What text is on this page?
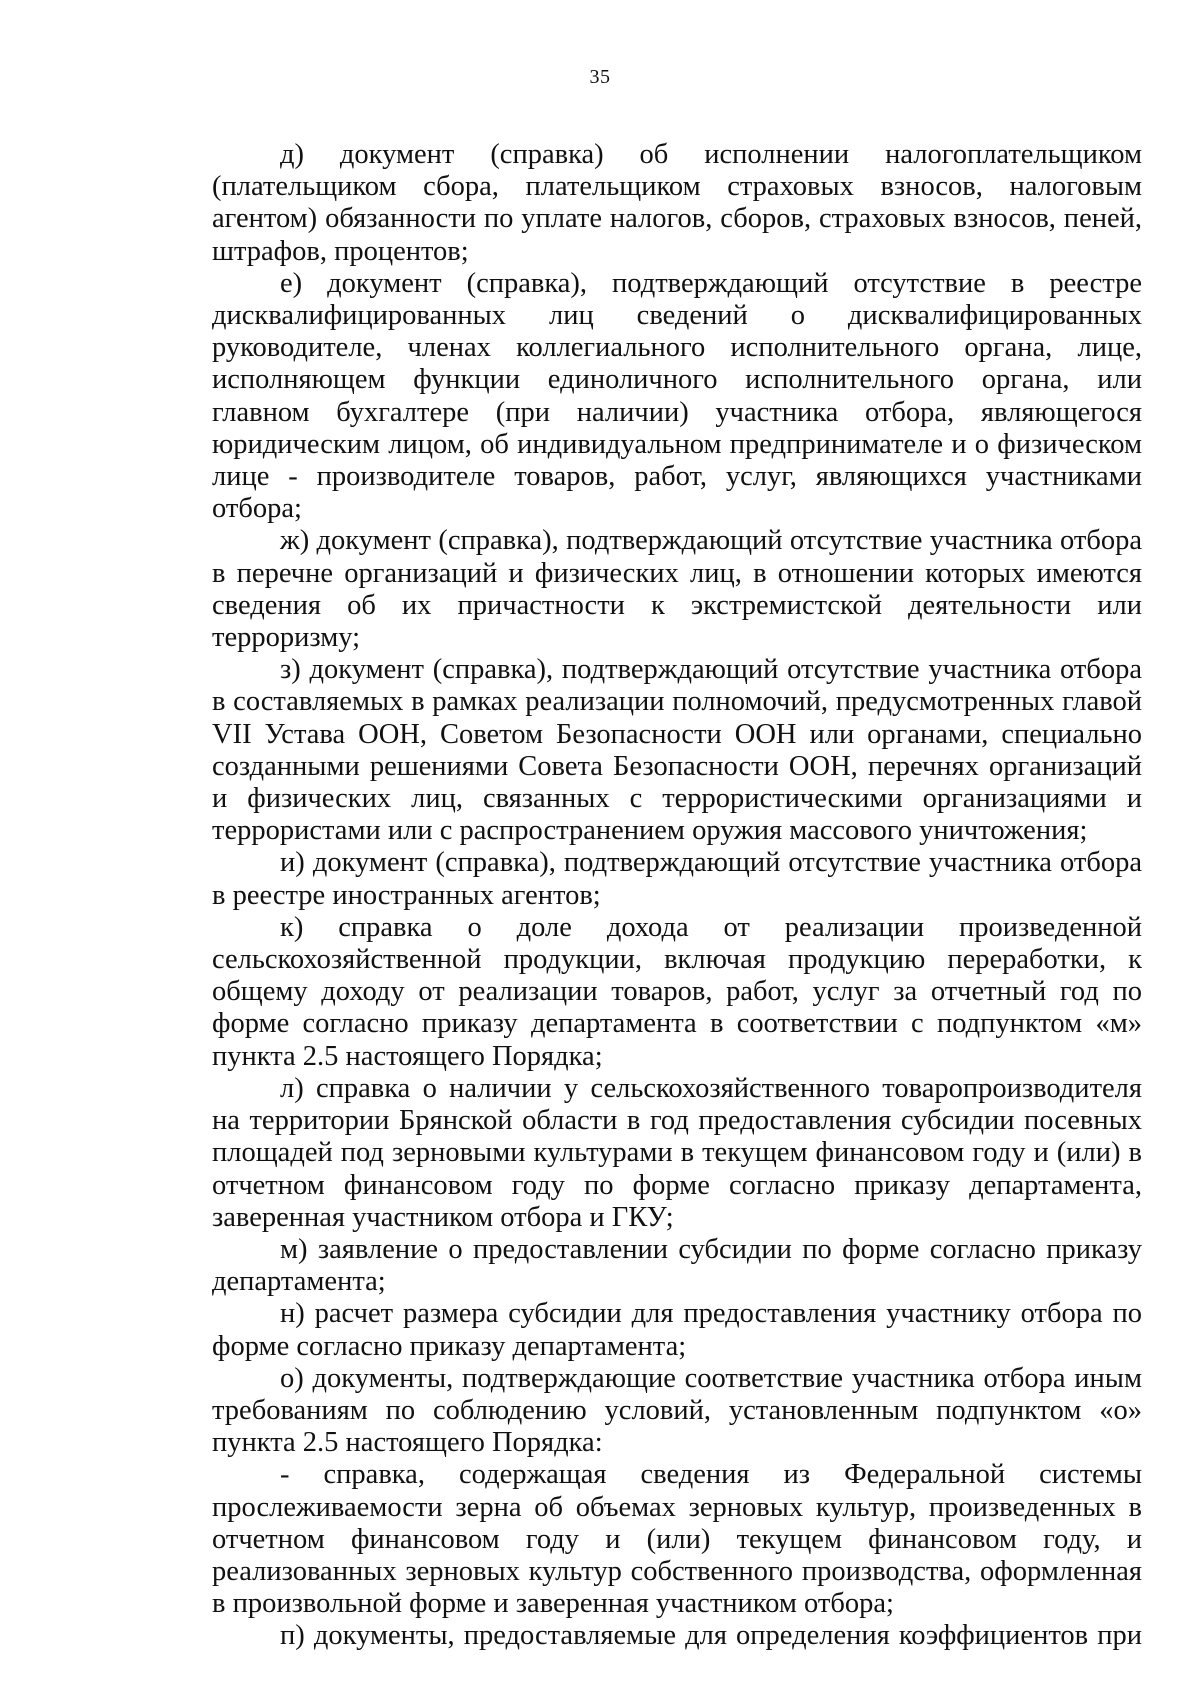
35

д) документ (справка) об исполнении налогоплательщиком (плательщиком сбора, плательщиком страховых взносов, налоговым агентом) обязанности по уплате налогов, сборов, страховых взносов, пеней, штрафов, процентов;

е) документ (справка), подтверждающий отсутствие в реестре дисквалифицированных лиц сведений о дисквалифицированных руководителе, членах коллегиального исполнительного органа, лице, исполняющем функции единоличного исполнительного органа, или главном бухгалтере (при наличии) участника отбора, являющегося юридическим лицом, об индивидуальном предпринимателе и о физическом лице - производителе товаров, работ, услуг, являющихся участниками отбора;

ж) документ (справка), подтверждающий отсутствие участника отбора в перечне организаций и физических лиц, в отношении которых имеются сведения об их причастности к экстремистской деятельности или терроризму;

з) документ (справка), подтверждающий отсутствие участника отбора в составляемых в рамках реализации полномочий, предусмотренных главой VII Устава ООН, Советом Безопасности ООН или органами, специально созданными решениями Совета Безопасности ООН, перечнях организаций и физических лиц, связанных с террористическими организациями и террористами или с распространением оружия массового уничтожения;

и) документ (справка), подтверждающий отсутствие участника отбора в реестре иностранных агентов;

к) справка о доле дохода от реализации произведенной сельскохозяйственной продукции, включая продукцию переработки, к общему доходу от реализации товаров, работ, услуг за отчетный год по форме согласно приказу департамента в соответствии с подпунктом «м» пункта 2.5 настоящего Порядка;

л) справка о наличии у сельскохозяйственного товаропроизводителя на территории Брянской области в год предоставления субсидии посевных площадей под зерновыми культурами в текущем финансовом году и (или) в отчетном финансовом году по форме согласно приказу департамента, заверенная участником отбора и ГКУ;

м) заявление о предоставлении субсидии по форме согласно приказу департамента;

н) расчет размера субсидии для предоставления участнику отбора по форме согласно приказу департамента;

о) документы, подтверждающие соответствие участника отбора иным требованиям по соблюдению условий, установленным подпунктом «о» пункта 2.5 настоящего Порядка:

- справка, содержащая сведения из Федеральной системы прослеживаемости зерна об объемах зерновых культур, произведенных в отчетном финансовом году и (или) текущем финансовом году, и реализованных зерновых культур собственного производства, оформленная в произвольной форме и заверенная участником отбора;

п) документы, предоставляемые для определения коэффициентов при
